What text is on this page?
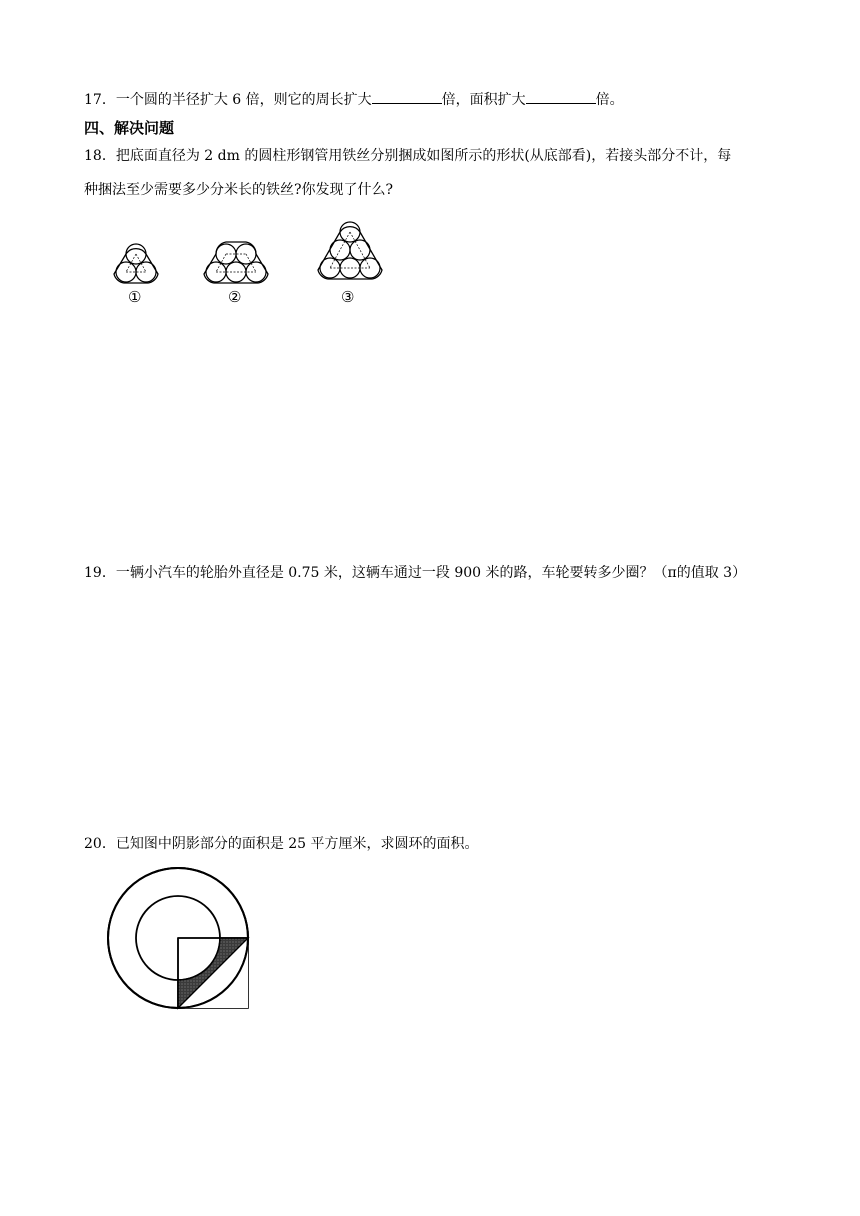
17．一个圆的半径扩大 6 倍，则它的周长扩大	倍，面积扩大	倍。
四、解决问题
18．把底面直径为 2 dm 的圆柱形钢管用铁丝分别捆成如图所示的形状(从底部看)，若接头部分不计，每
种捆法至少需要多少分米长的铁丝?你发现了什么?
①	②	③
19．一辆小汽车的轮胎外直径是 0.75 米，这辆车通过一段 900 米的路，车轮要转多少圈？（π的值取 3）
20．已知图中阴影部分的面积是 25 平方厘米，求圆环的面积。
